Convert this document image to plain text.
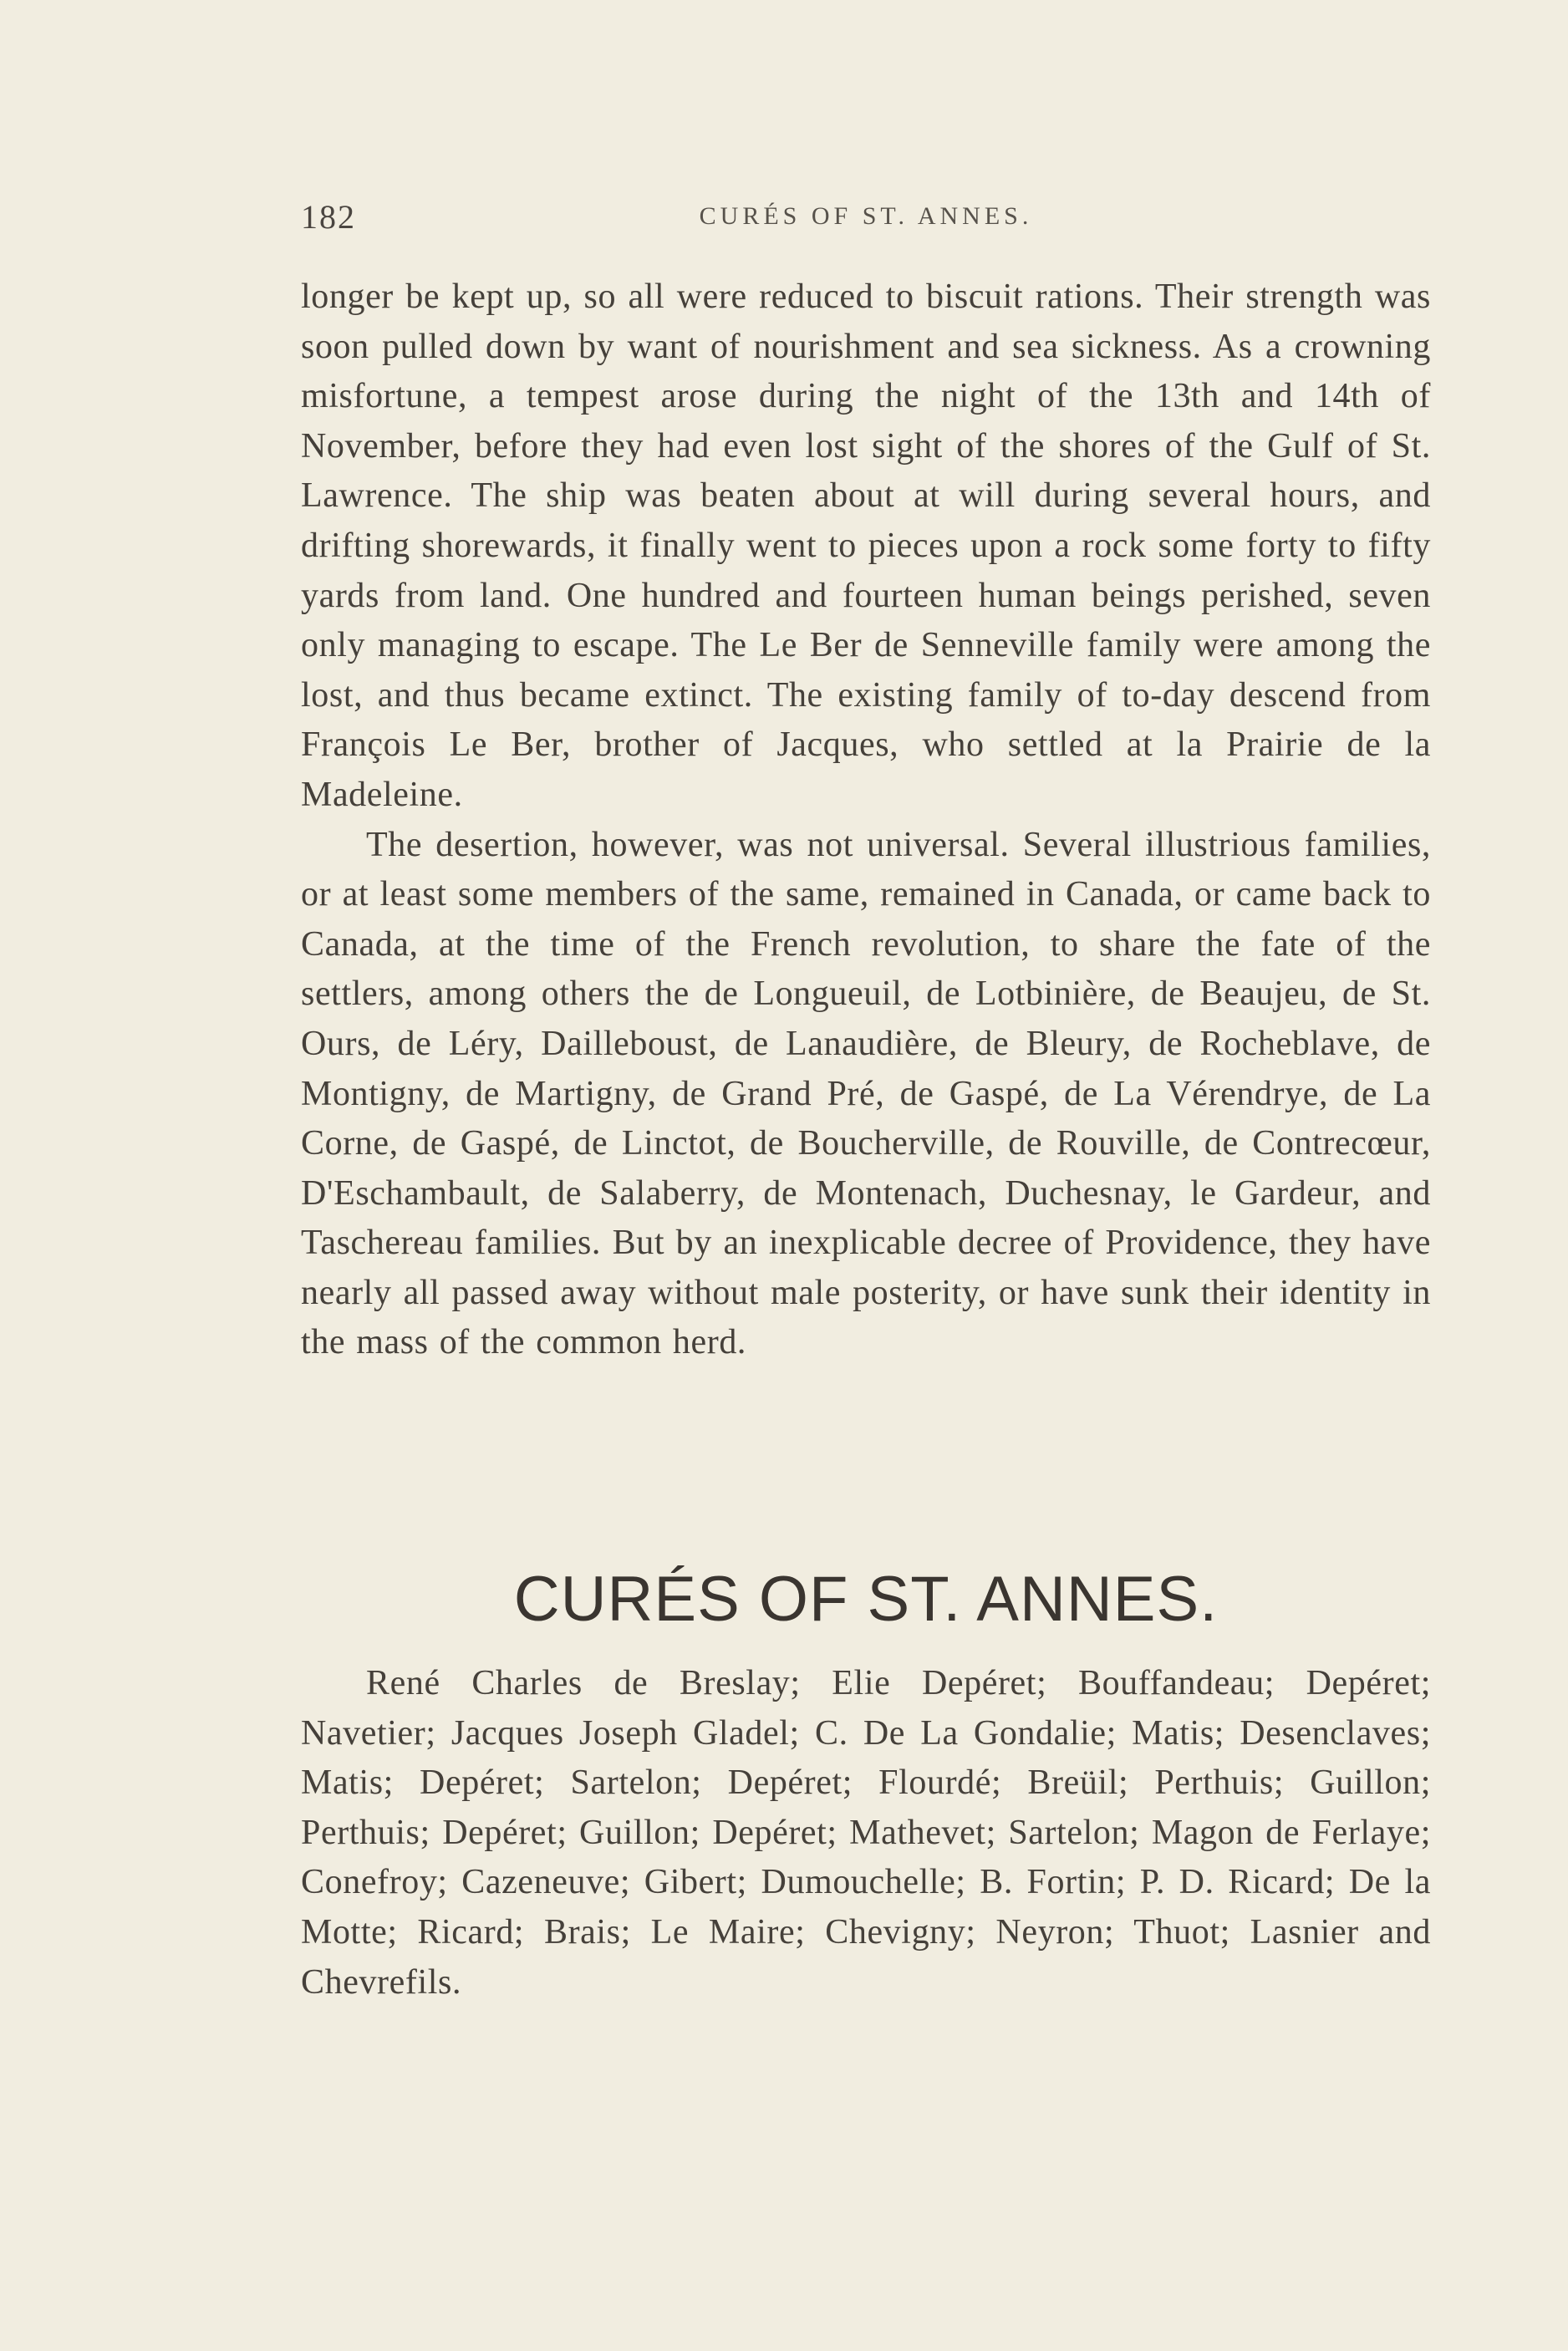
182	CURÉS OF ST. ANNES.

longer be kept up, so all were reduced to biscuit rations. Their strength was soon pulled down by want of nourishment and sea sickness. As a crowning misfortune, a tempest arose during the night of the 13th and 14th of November, before they had even lost sight of the shores of the Gulf of St. Lawrence. The ship was beaten about at will during several hours, and drifting shorewards, it finally went to pieces upon a rock some forty to fifty yards from land. One hundred and fourteen human beings perished, seven only managing to escape. The Le Ber de Senneville family were among the lost, and thus became extinct. The existing family of to-day descend from François Le Ber, brother of Jacques, who settled at la Prairie de la Madeleine.

The desertion, however, was not universal. Several illustrious families, or at least some members of the same, remained in Canada, or came back to Canada, at the time of the French revolution, to share the fate of the settlers, among others the de Longueuil, de Lotbinière, de Beaujeu, de St. Ours, de Léry, Dailleboust, de Lanaudière, de Bleury, de Rocheblave, de Montigny, de Martigny, de Grand Pré, de Gaspé, de La Vérendrye, de La Corne, de Gaspé, de Linctot, de Boucherville, de Rouville, de Contrecœur, D'Eschambault, de Salaberry, de Montenach, Duchesnay, le Gardeur, and Taschereau families. But by an inexplicable decree of Providence, they have nearly all passed away without male posterity, or have sunk their identity in the mass of the common herd.

CURÉS OF ST. ANNES.

René Charles de Breslay; Elie Depéret; Bouffandeau; Depéret; Navetier; Jacques Joseph Gladel; C. De La Gondalie; Matis; Desenclaves; Matis; Depéret; Sartelon; Depéret; Flourdé; Breüil; Perthuis; Guillon; Perthuis; Depéret; Guillon; Depéret; Mathevet; Sartelon; Magon de Ferlaye; Conefroy; Cazeneuve; Gibert; Dumouchelle; B. Fortin; P. D. Ricard; De la Motte; Ricard; Brais; Le Maire; Chevigny; Neyron; Thuot; Lasnier and Chevrefils.
